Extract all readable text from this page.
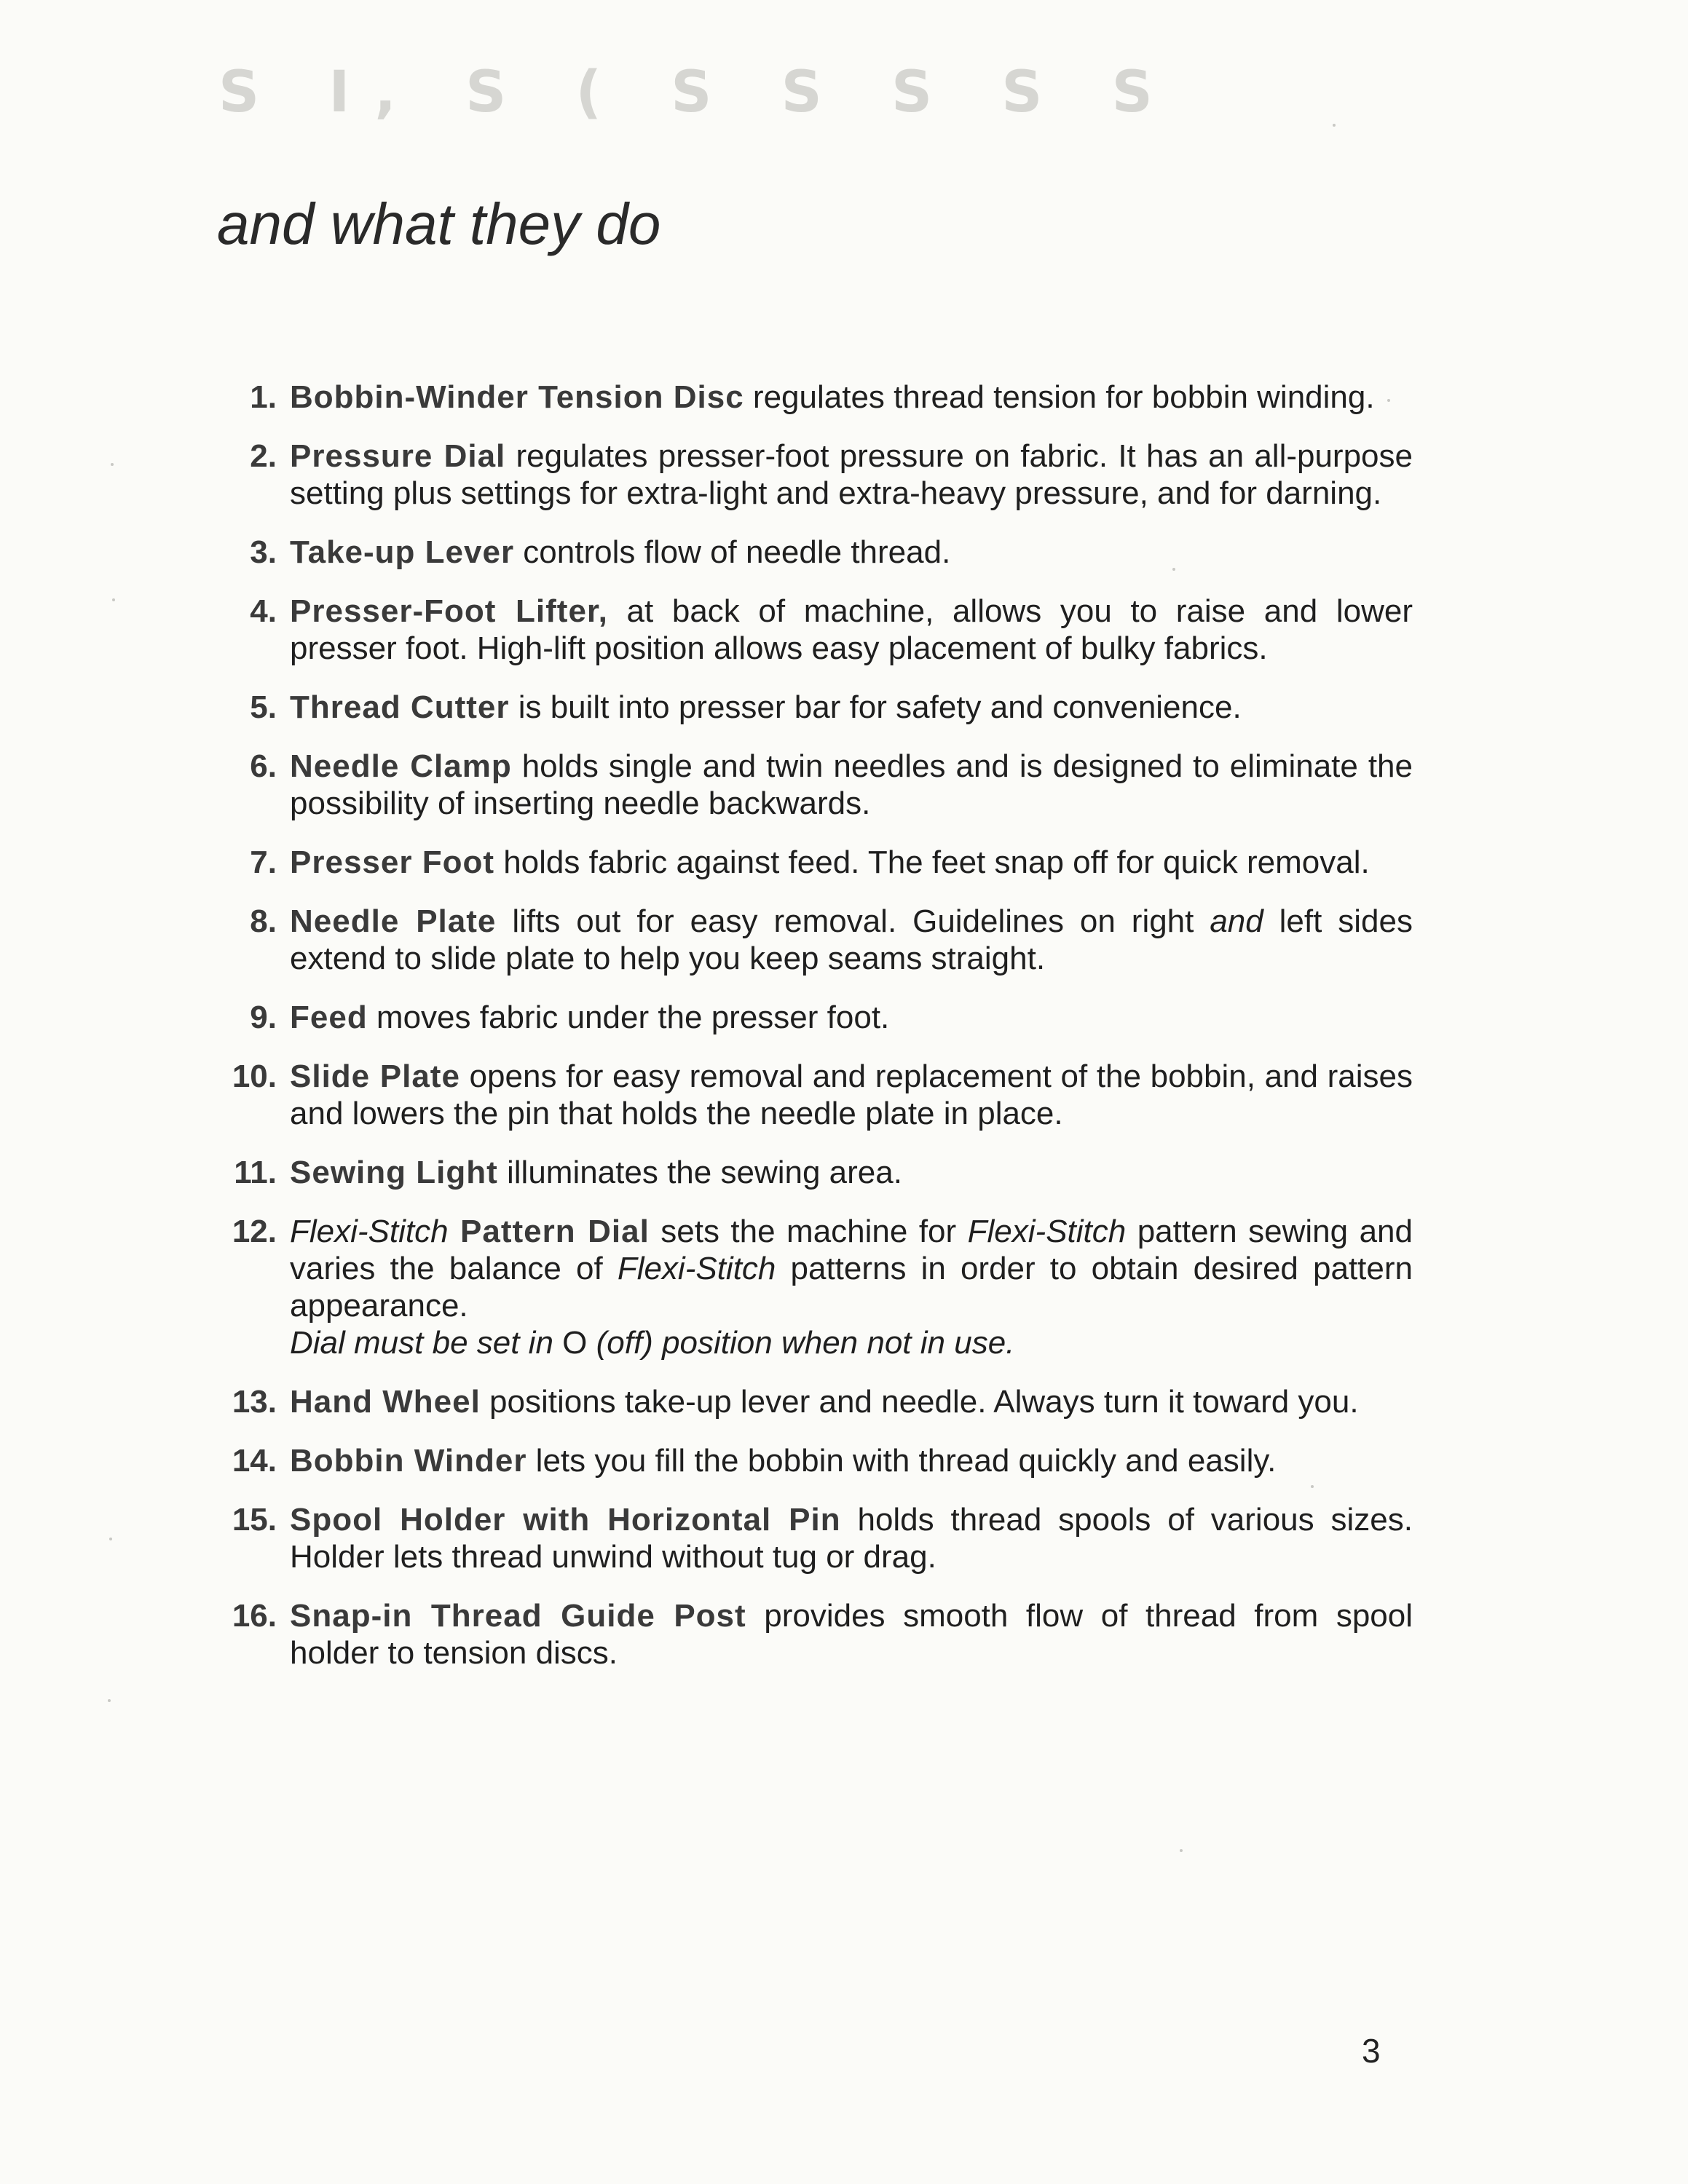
S I, S ( S S S S S
and what they do
1. Bobbin-Winder Tension Disc regulates thread tension for bobbin winding.
2. Pressure Dial regulates presser-foot pressure on fabric. It has an all-purpose setting plus settings for extra-light and extra-heavy pressure, and for darning.
3. Take-up Lever controls flow of needle thread.
4. Presser-Foot Lifter, at back of machine, allows you to raise and lower presser foot. High-lift position allows easy placement of bulky fabrics.
5. Thread Cutter is built into presser bar for safety and convenience.
6. Needle Clamp holds single and twin needles and is designed to eliminate the possibility of inserting needle backwards.
7. Presser Foot holds fabric against feed. The feet snap off for quick removal.
8. Needle Plate lifts out for easy removal. Guidelines on right and left sides extend to slide plate to help you keep seams straight.
9. Feed moves fabric under the presser foot.
10. Slide Plate opens for easy removal and replacement of the bobbin, and raises and lowers the pin that holds the needle plate in place.
11. Sewing Light illuminates the sewing area.
12. Flexi-Stitch Pattern Dial sets the machine for Flexi-Stitch pattern sewing and varies the balance of Flexi-Stitch patterns in order to obtain desired pattern appearance.
Dial must be set in O (off) position when not in use.
13. Hand Wheel positions take-up lever and needle. Always turn it toward you.
14. Bobbin Winder lets you fill the bobbin with thread quickly and easily.
15. Spool Holder with Horizontal Pin holds thread spools of various sizes. Holder lets thread unwind without tug or drag.
16. Snap-in Thread Guide Post provides smooth flow of thread from spool holder to tension discs.
3
